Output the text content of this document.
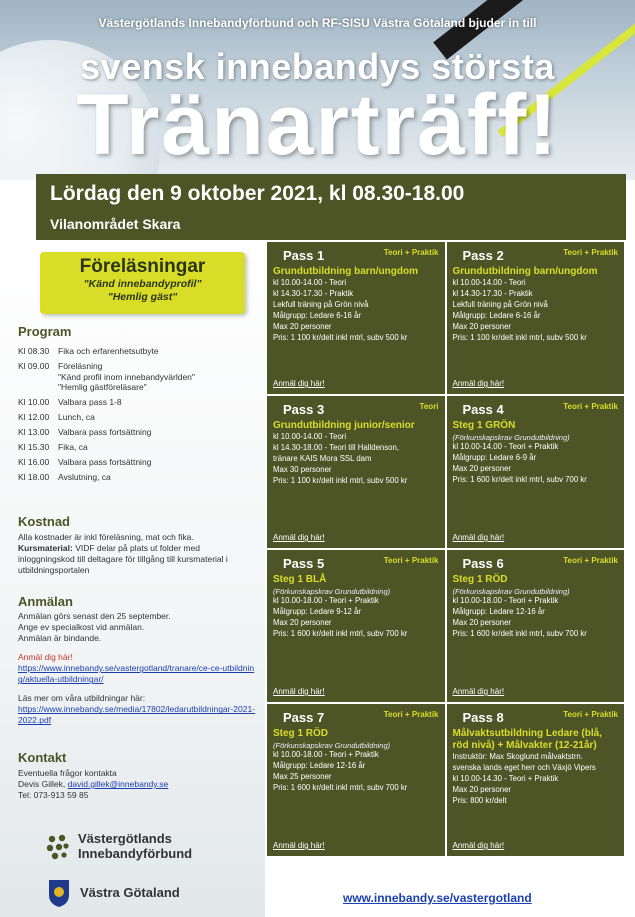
Västergötlands Innebandyförbund och RF-SISU Västra Götaland bjuder in till
svensk innebandys största
Tränarträff!
Lördag den 9 oktober 2021, kl 08.30-18.00
Vilanområdet Skara
Föreläsningar
"Känd innebandyprofil"
"Hemlig gäst"
Program
Kl 08.30	Fika och erfarenhetsutbyte
Kl 09.00	Föreläsning
"Känd profil inom innebandyvärlden"
"Hemlig gästföreläsare"
Kl 10.00	Valbara pass 1-8
Kl 12.00	Lunch, ca
Kl 13.00	Valbara pass fortsättning
Kl 15.30	Fika, ca
Kl 16.00	Valbara pass fortsättning
Kl 18.00	Avslutning, ca
Kostnad
Alla kostnader är inkl föreläsning, mat och fika.
Kursmaterial: VIDF delar på plats ut folder med inloggningskod till deltagare för tillgång till kursmaterial i utbildningsportalen
Anmälan
Anmälan görs senast den 25 september.
Ange ev specialkost vid anmälan.
Anmälan är bindande.
Anmäl dig här!
https://www.innebandy.se/vastergotland/tranare/ce-ce-utbildning/aktuella-utbildningar/
Läs mer om våra utbildningar här:
https://www.innebandy.se/media/17802/ledarutbildningar-2021-2022.pdf
Kontakt
Eventuella frågor kontakta
Devis Gillek, david.gillek@innebandy.se
Tel: 073-913 59 85
Västergötlands
Innebandyförbund
Västra Götaland
Pass 1	Teori + Praktik
Grundutbildning barn/ungdom
kl 10.00-14.00 - Teori
kl 14.30-17.30 - Praktik
Lekfull träning på Grön nivå
Målgrupp: Ledare 6-16 år
Max 20 personer
Pris: 1 100 kr/delt inkl mtrl, subv 500 kr
Anmäl dig här!
Pass 2	Teori + Praktik
Grundutbildning barn/ungdom
kl 10.00-14.00 - Teori
kl 14.30-17.30 - Praktik
Lekfull träning på Grön nivå
Målgrupp: Ledare 6-16 år
Max 20 personer
Pris: 1 100 kr/delt inkl mtrl, subv 500 kr
Anmäl dig här!
Pass 3	Teori
Grundutbildning junior/senior
kl 10.00-14.00 - Teori
kl 14.30-18.00 - Teori till Halldenson,
tränare KAIS Mora SSL dam
Max 30 personer
Pris: 1 100 kr/delt inkl mtrl, subv 500 kr
Anmäl dig här!
Pass 4	Teori + Praktik
Steg 1 GRÖN
(Förkunskapskrav Grundutbildning)
kl 10.00-14.00 - Teori + Praktik
Målgrupp: Ledare 6-9 år
Max 20 personer
Pris: 1 600 kr/delt inkl mtrl, subv 700 kr
Anmäl dig här!
Pass 5	Teori + Praktik
Steg 1 BLÅ
(Förkunskapskrav Grundutbildning)
kl 10.00-18.00 - Teori + Praktik
Målgrupp: Ledare 9-12 år
Max 20 personer
Pris: 1 600 kr/delt inkl mtrl, subv 700 kr
Anmäl dig här!
Pass 6	Teori + Praktik
Steg 1 RÖD
(Förkunskapskrav Grundutbildning)
kl 10.00-18.00 - Teori + Praktik
Målgrupp: Ledare 12-16 år
Max 20 personer
Pris: 1 600 kr/delt inkl mtrl, subv 700 kr
Anmäl dig här!
Pass 7	Teori + Praktik
Steg 1 RÖD
(Förkunskapskrav Grundutbildning)
kl 10.00-18.00 - Teori + Praktik
Målgrupp: Ledare 12-16 år
Max 25 personer
Pris: 1 600 kr/delt inkl mtrl, subv 700 kr
Anmäl dig här!
Pass 8	Teori + Praktik
Målvaktsutbildning Ledare (blå, röd nivå) + Målvakter (12-21år)
Instruktör: Max Skoglund målvaktstrn.
svenska lands eget herr och Växjö Vipers
kl 10.00-14.30 - Teori + Praktik
Max 20 personer
Pris: 800 kr/delt
Anmäl dig här!
www.innebandy.se/vastergotland
